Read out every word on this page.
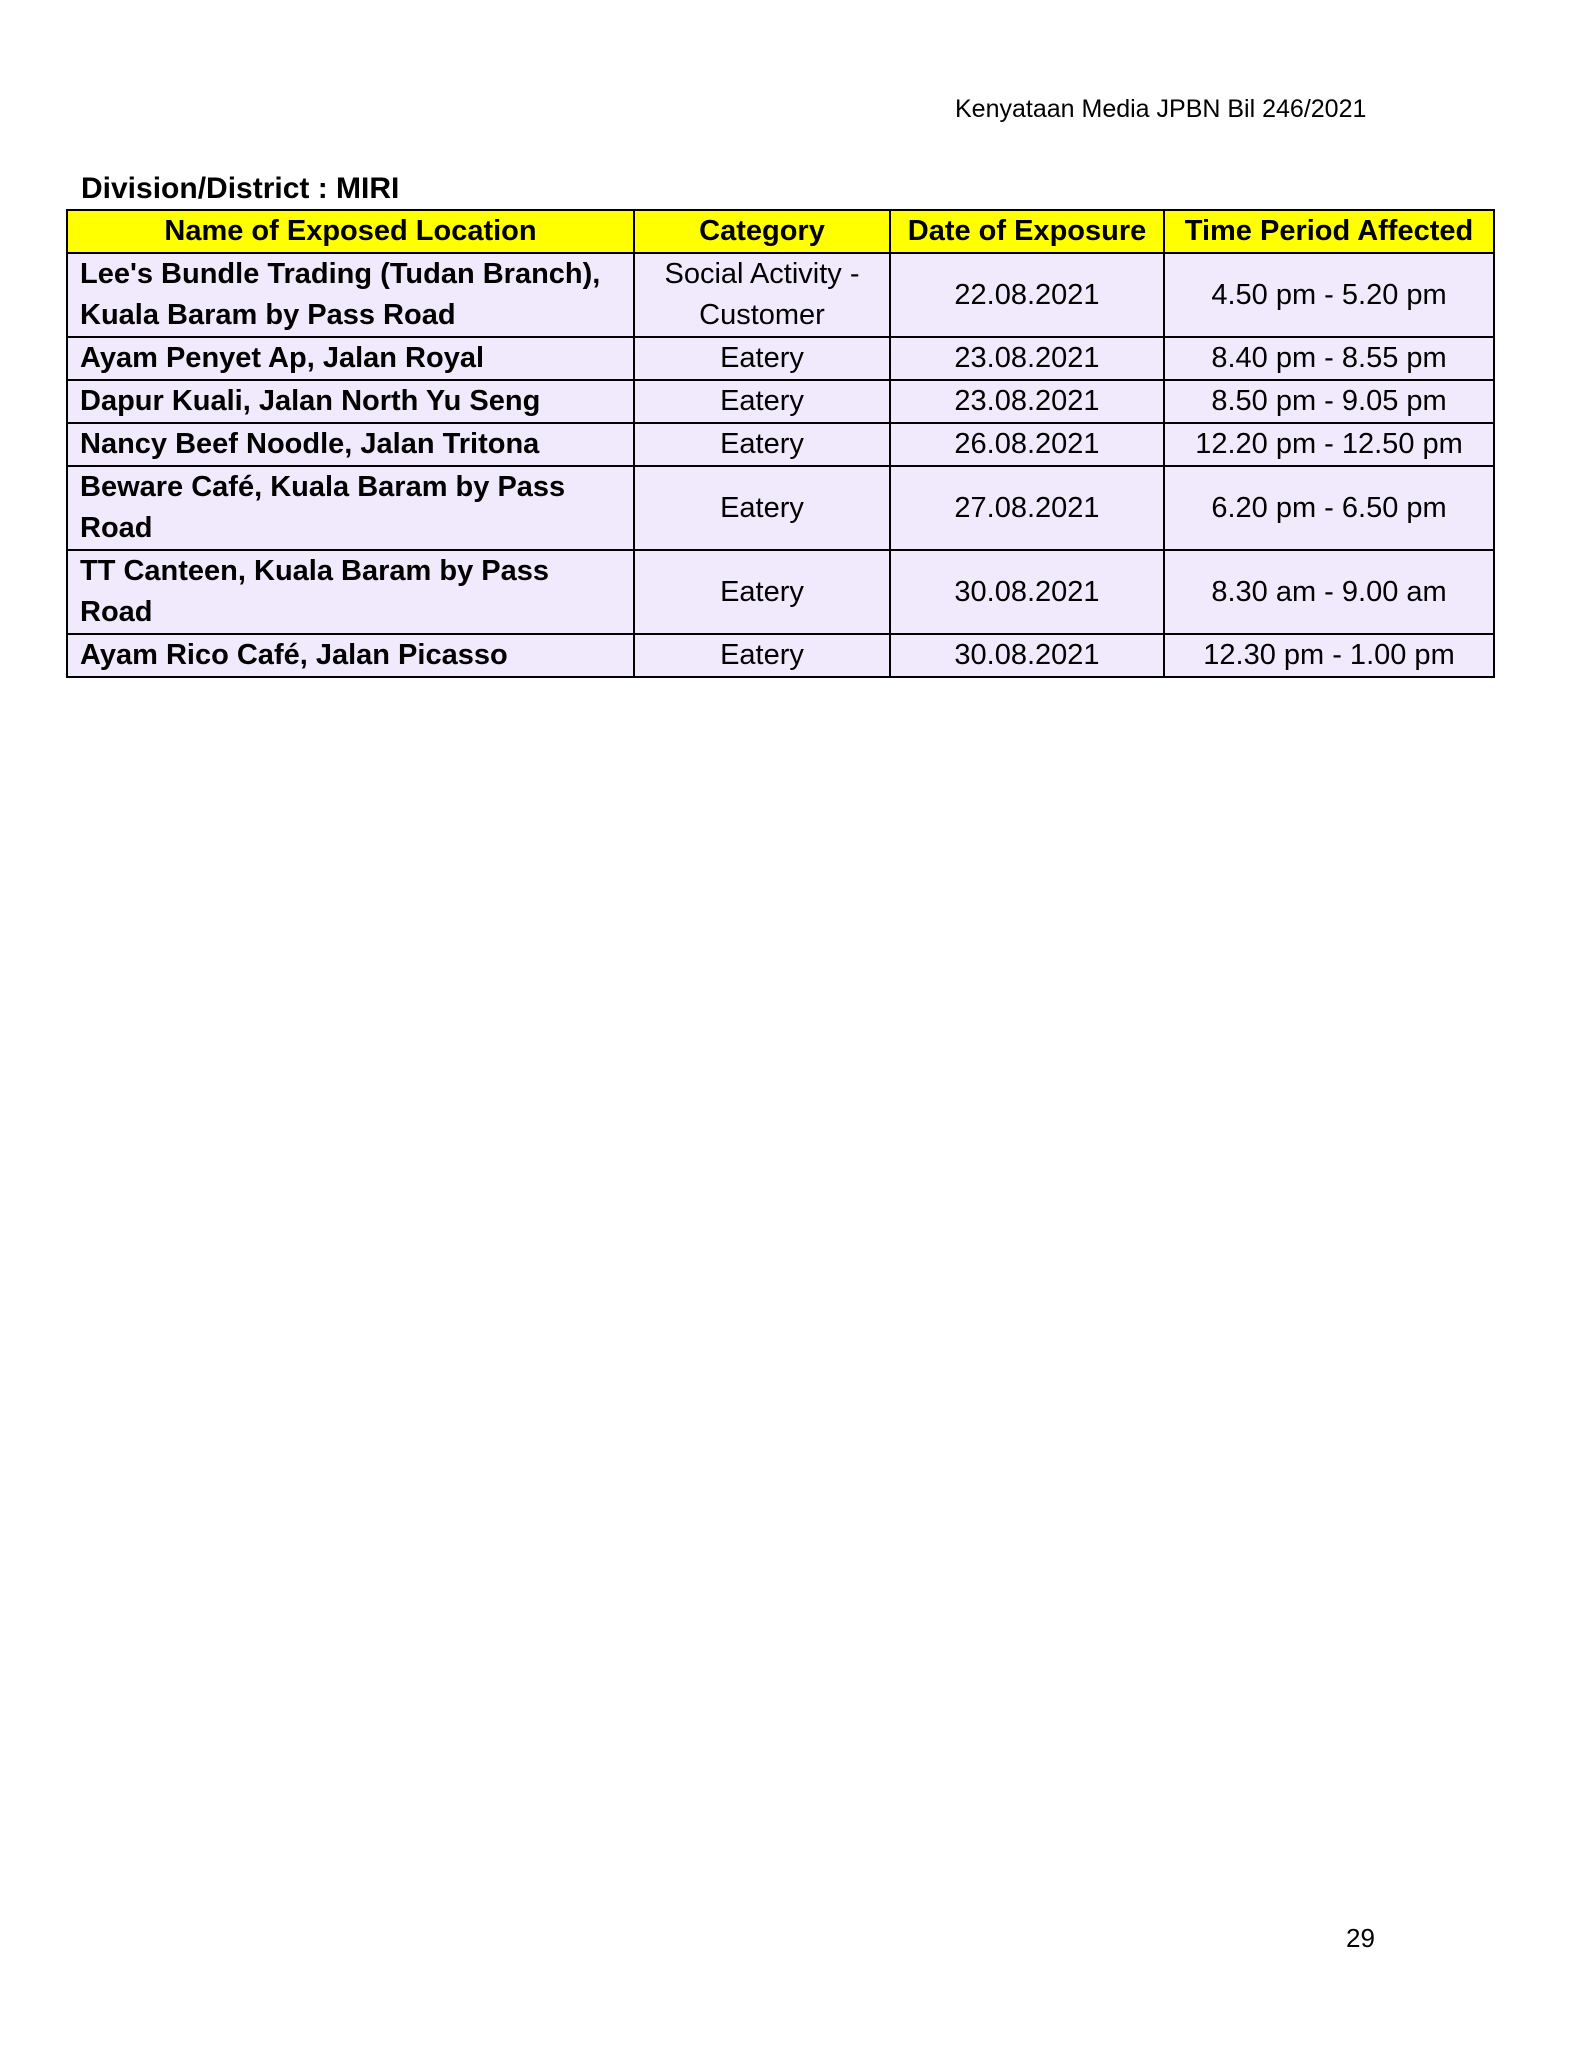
Kenyataan Media JPBN Bil 246/2021
Division/District : MIRI
Name of Exposed Location	Category	Date of Exposure	Time Period Affected
Lee's Bundle Trading (Tudan Branch), Kuala Baram by Pass Road	Social Activity - Customer	22.08.2021	4.50 pm - 5.20 pm
Ayam Penyet Ap, Jalan Royal	Eatery	23.08.2021	8.40 pm - 8.55 pm
Dapur Kuali, Jalan North Yu Seng	Eatery	23.08.2021	8.50 pm - 9.05 pm
Nancy Beef Noodle, Jalan Tritona	Eatery	26.08.2021	12.20 pm - 12.50 pm
Beware Café, Kuala Baram by Pass Road	Eatery	27.08.2021	6.20 pm - 6.50 pm
TT Canteen, Kuala Baram by Pass Road	Eatery	30.08.2021	8.30 am - 9.00 am
Ayam Rico Café, Jalan Picasso	Eatery	30.08.2021	12.30 pm - 1.00 pm
29
